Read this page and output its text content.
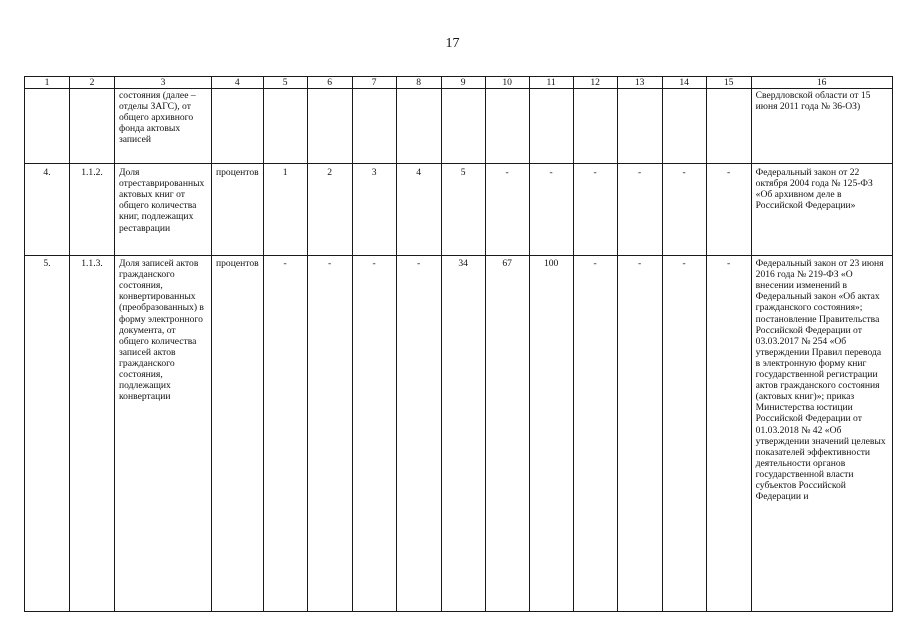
17
1	2	3	4	5	6	7	8	9	10	11	12	13	14	15	16
		состояния (далее – отделы ЗАГС), от общего архивного фонда актовых записей													Свердловской области от 15 июня 2011 года № 36-ОЗ)
4.	1.1.2.	Доля отреставрированных актовых книг от общего количества книг, подлежащих реставрации	процентов	1	2	3	4	5	-	-	-	-	-	-	Федеральный закон от 22 октября 2004 года № 125-ФЗ «Об архивном деле в Российской Федерации»
5.	1.1.3.	Доля записей актов гражданского состояния, конвертированных (преобразованных) в форму электронного документа, от общего количества записей актов гражданского состояния, подлежащих конвертации	процентов	-	-	-	-	34	67	100	-	-	-	-	Федеральный закон от 23 июня 2016 года № 219-ФЗ «О внесении изменений в Федеральный закон «Об актах гражданского состояния»; постановление Правительства Российской Федерации от 03.03.2017 № 254 «Об утверждении Правил перевода в электронную форму книг государственной регистрации актов гражданского состояния (актовых книг)»; приказ Министерства юстиции Российской Федерации от 01.03.2018 № 42 «Об утверждении значений целевых показателей эффективности деятельности органов государственной власти субъектов Российской Федерации и
